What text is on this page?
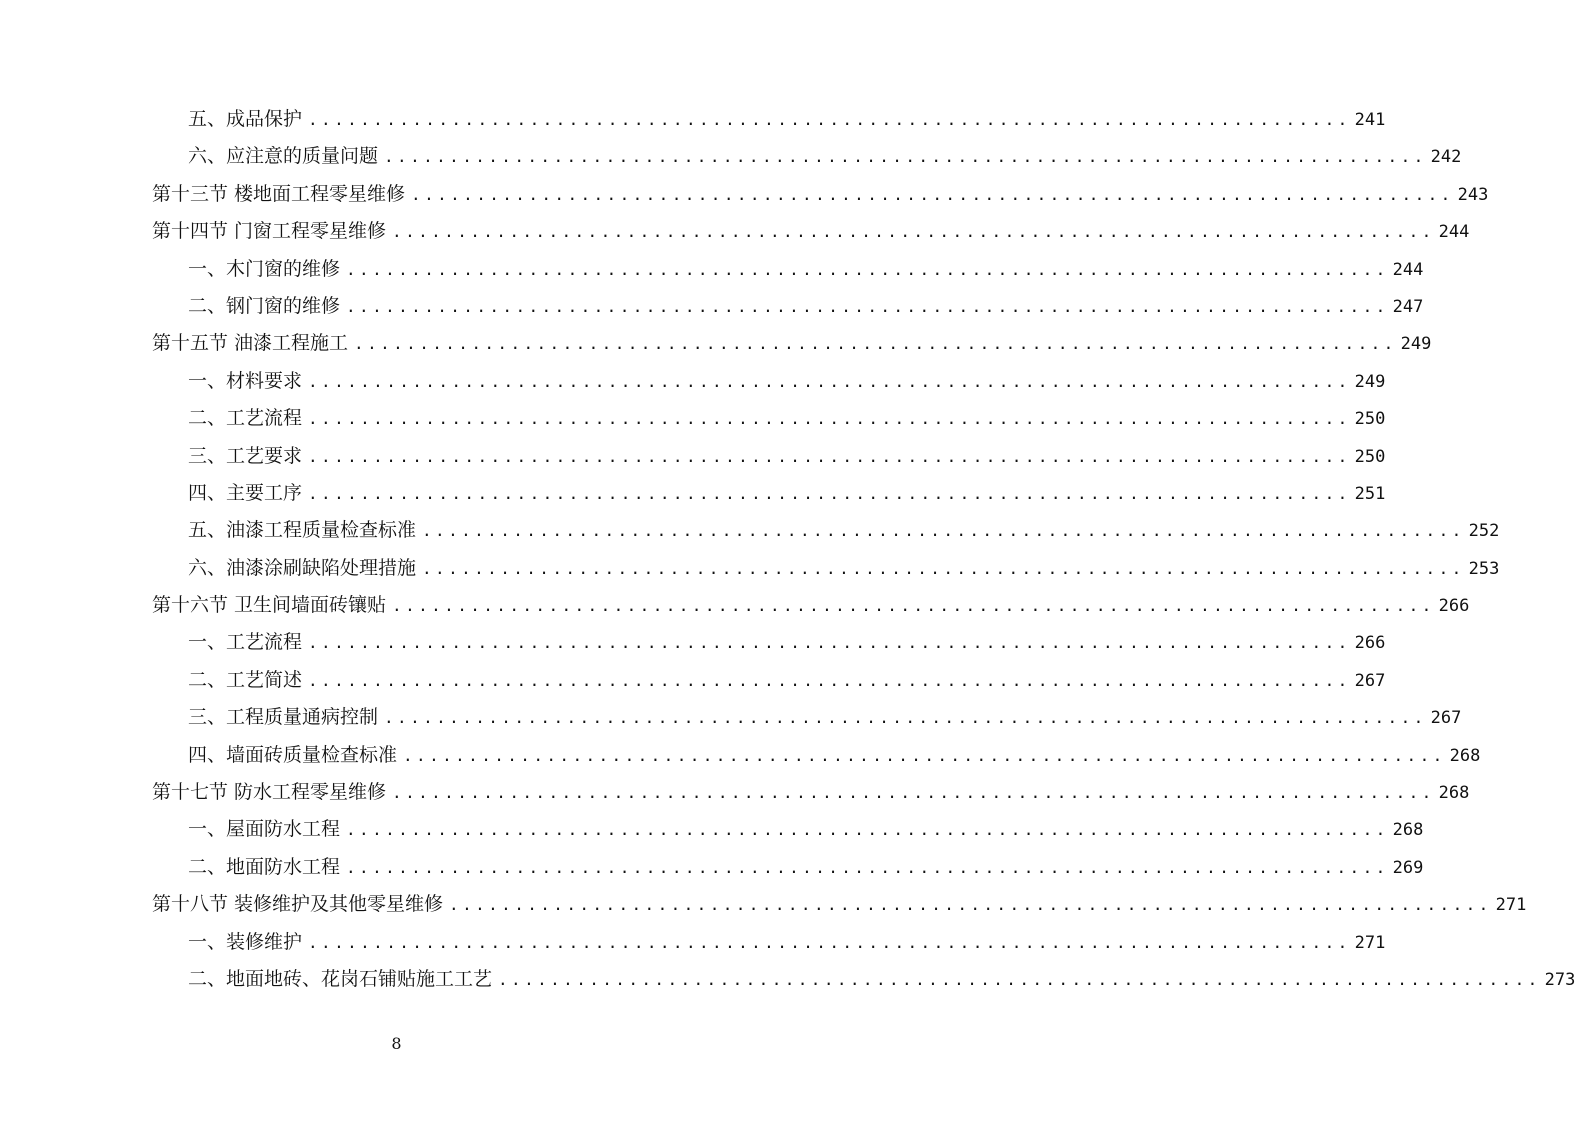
五、成品保护 ................................................................................ 241
六、应注意的质量问题 ................................................................................ 242
第十三节 楼地面工程零星维修 ................................................................................ 243
第十四节 门窗工程零星维修 ................................................................................ 244
一、木门窗的维修 ................................................................................ 244
二、钢门窗的维修 ................................................................................ 247
第十五节 油漆工程施工 ................................................................................ 249
一、材料要求 ................................................................................ 249
二、工艺流程 ................................................................................ 250
三、工艺要求 ................................................................................ 250
四、主要工序 ................................................................................ 251
五、油漆工程质量检查标准 ................................................................................ 252
六、油漆涂刷缺陷处理措施 ................................................................................ 253
第十六节 卫生间墙面砖镶贴 ................................................................................ 266
一、工艺流程 ................................................................................ 266
二、工艺简述 ................................................................................ 267
三、工程质量通病控制 ................................................................................ 267
四、墙面砖质量检查标准 ................................................................................ 268
第十七节 防水工程零星维修 ................................................................................ 268
一、屋面防水工程 ................................................................................ 268
二、地面防水工程 ................................................................................ 269
第十八节 装修维护及其他零星维修 ................................................................................ 271
一、装修维护 ................................................................................ 271
二、地面地砖、花岗石铺贴施工工艺 ................................................................................ 273
8
